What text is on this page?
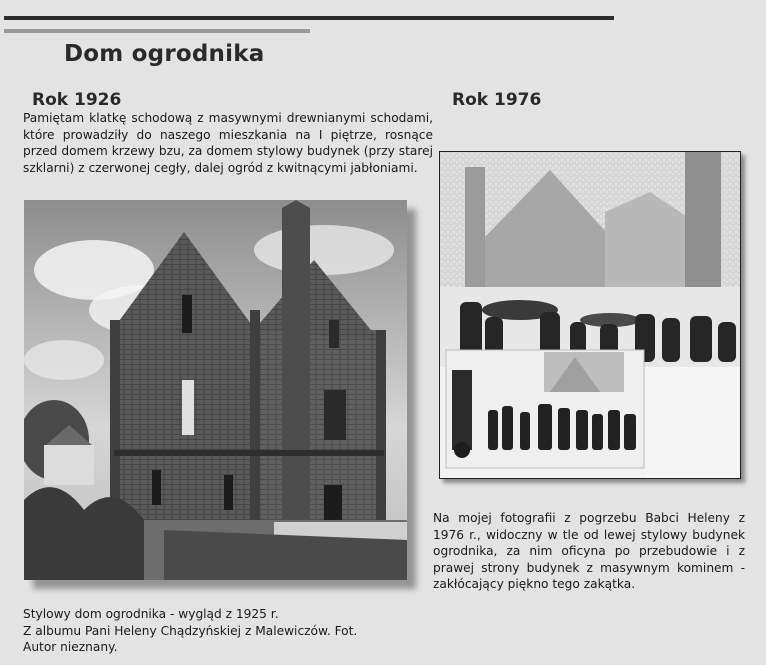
Dom ogrodnika
Rok 1926	Rok 1976

Pamiętam klatkę schodową z masywnymi drewnianymi schodami, które prowadziły do naszego mieszkania na I piętrze, rosnące przed domem krzewy bzu, za domem stylowy budynek (przy starej szklarni) z czerwonej cegły, dalej ogród z kwitnącymi jabłoniami.

Na mojej fotografii z pogrzebu Babci Heleny z 1976 r., widoczny w tle od lewej stylowy budynek ogrodnika, za nim oficyna po przebudowie i z prawej strony budynek z masywnym kominem - zakłócający piękno tego zakątka.

Stylowy dom ogrodnika - wygląd z 1925 r.
Z albumu Pani Heleny Chądzyńskiej z Malewiczów. Fot.
Autor nieznany.
